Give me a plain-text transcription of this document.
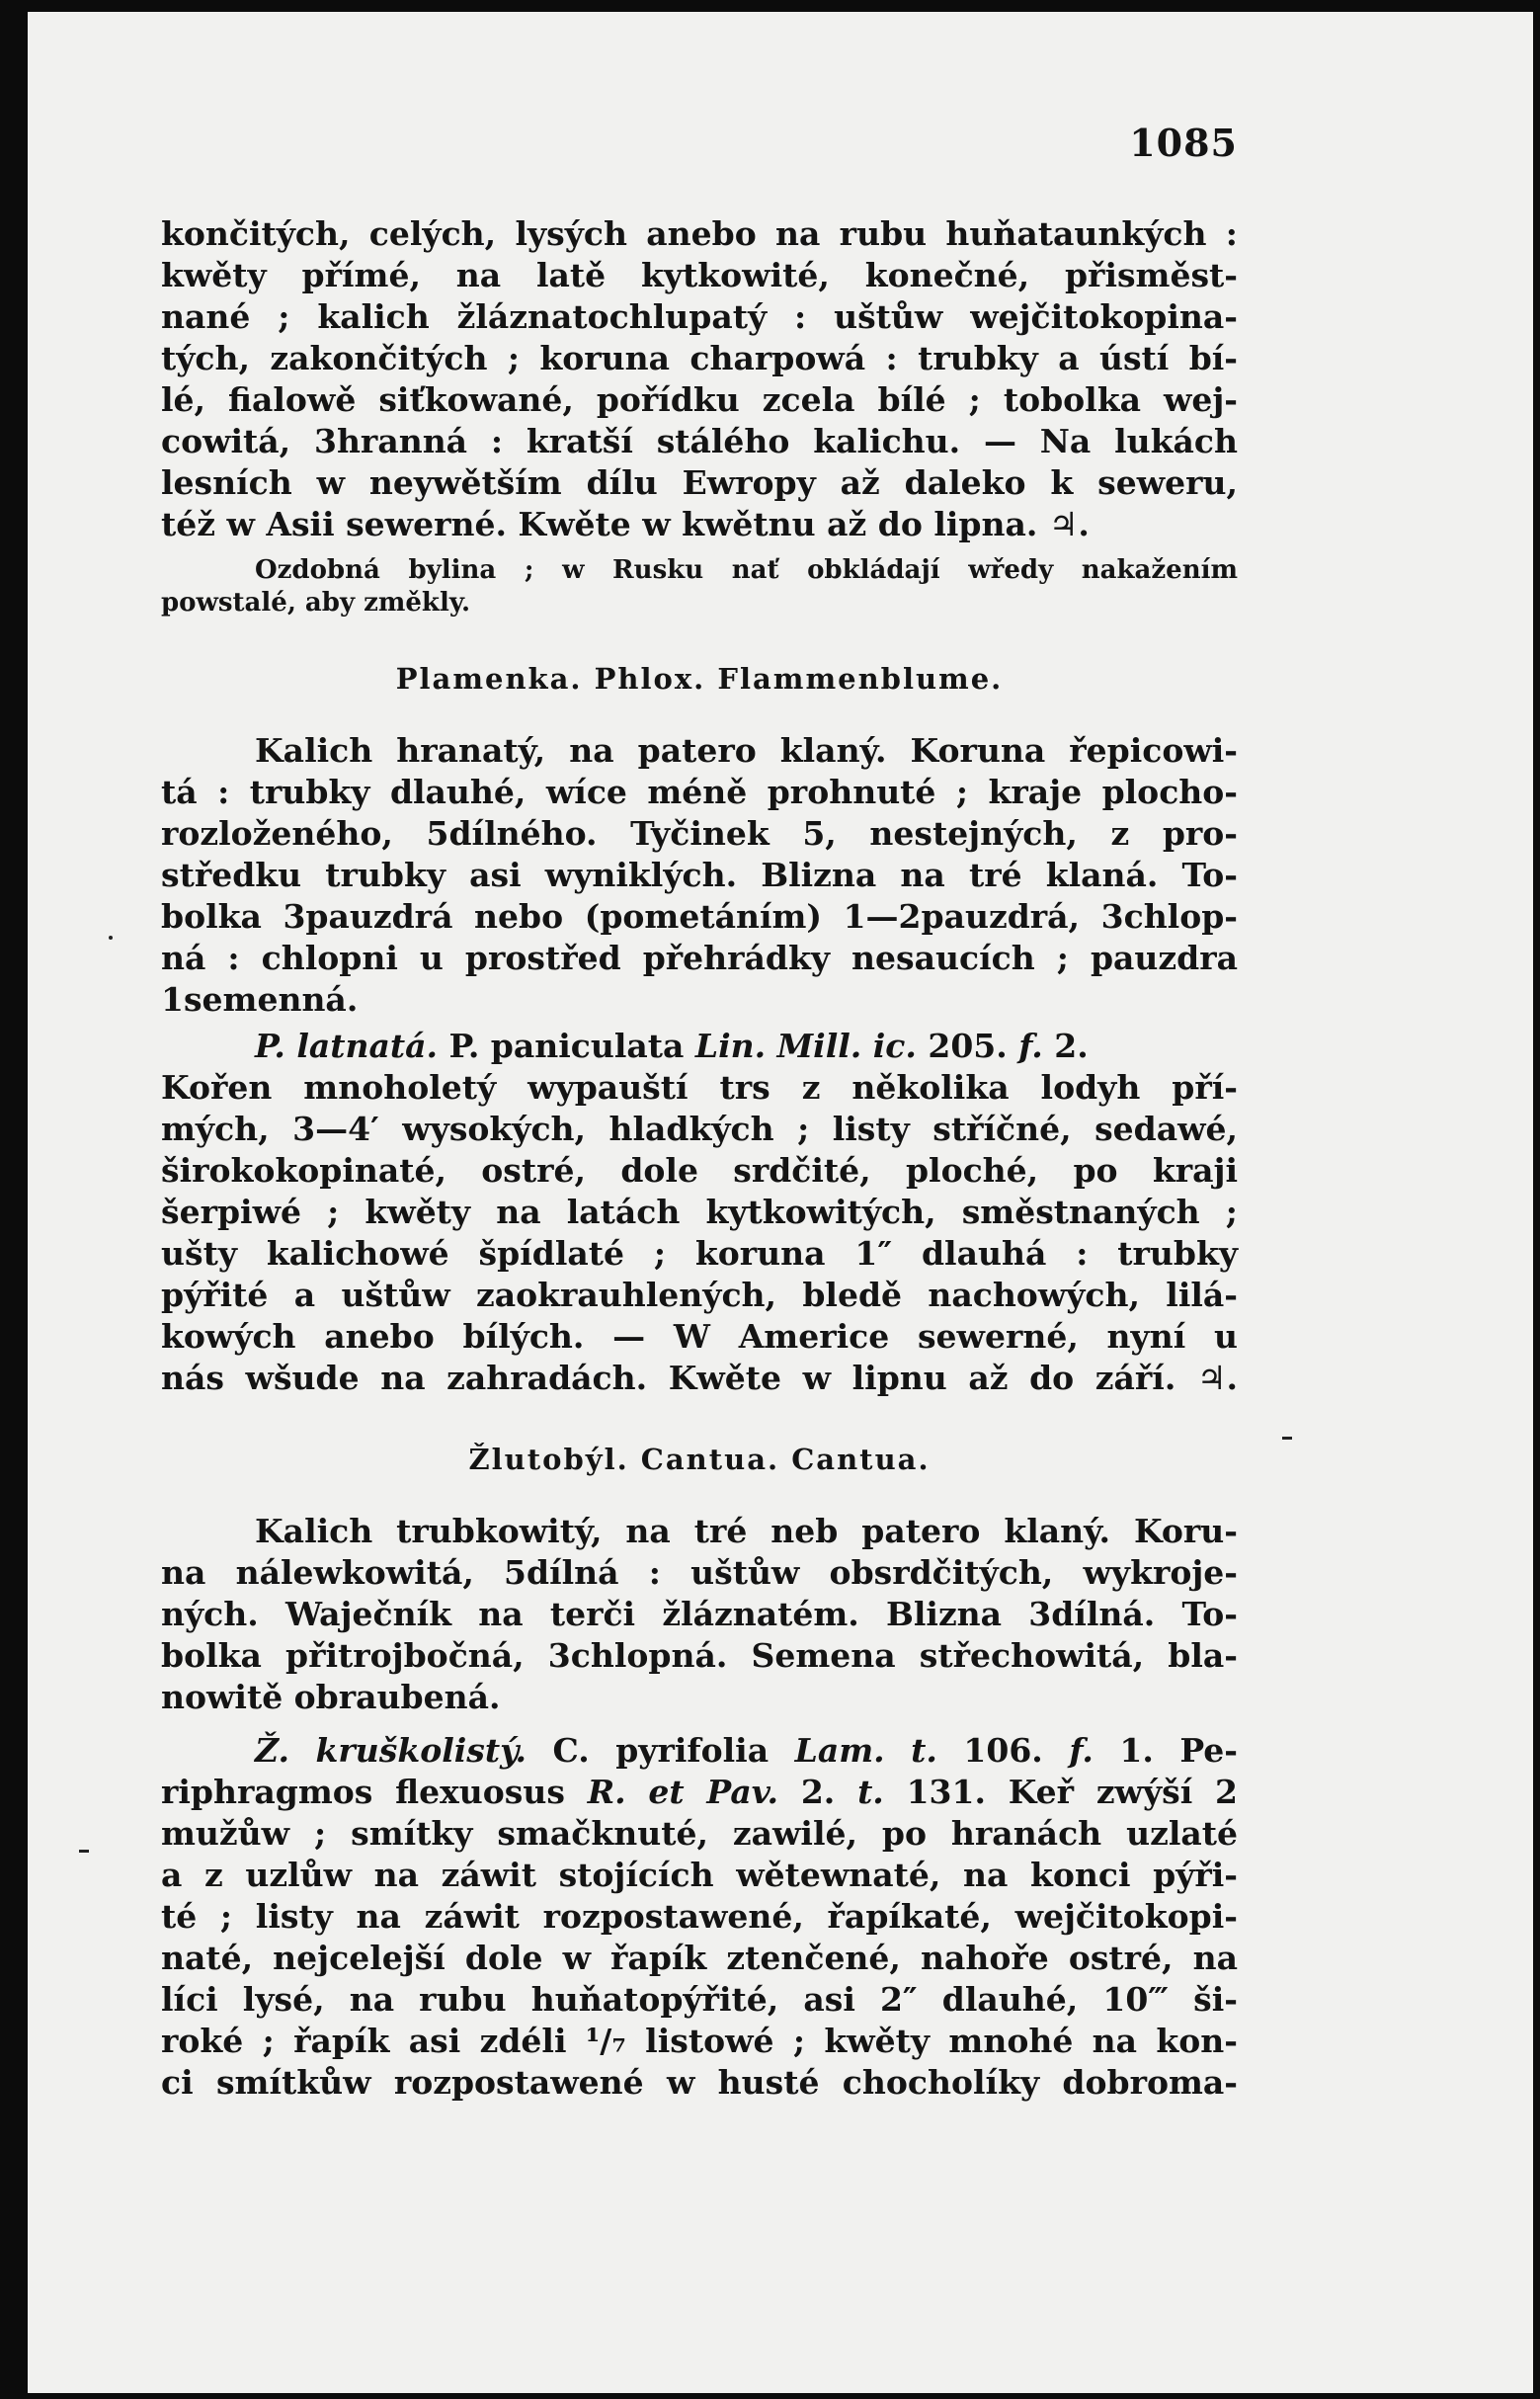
1085
končitých, celých, lysých anebo na rubu huňataunkých :
kwěty přímé, na latě kytkowité, konečné, přisměst-
nané ; kalich žláznatochlupatý : uštůw wejčitokopina-
tých, zakončitých ; koruna charpowá : trubky a ústí bí-
lé, fialowě siťkowané, pořídku zcela bílé ; tobolka wej-
cowitá, 3hranná : kratší stálého kalichu. — Na lukách
lesních w neywětším dílu Ewropy až daleko k seweru,
též w Asii sewerné. Kwěte w kwětnu až do lipna. ♃.
Ozdobná bylina ; w Rusku nať obkládají wředy nakažením
powstalé, aby změkly.
Plamenka. Phlox. Flammenblume.
Kalich hranatý, na patero klaný. Koruna řepicowi-
tá : trubky dlauhé, wíce méně prohnuté ; kraje plocho-
rozloženého, 5dílného. Tyčinek 5, nestejných, z pro-
středku trubky asi wyniklých. Blizna na tré klaná. To-
bolka 3pauzdrá nebo (pometáním) 1—2pauzdrá, 3chlop-
ná : chlopni u prostřed přehrádky nesaucích ; pauzdra
1semenná.
P. latnatá. P. paniculata Lin. Mill. ic. 205. f. 2.
Kořen mnoholetý wypauští trs z několika lodyh pří-
mých, 3—4′ wysokých, hladkých ; listy stříčné, sedawé,
širokokopinaté, ostré, dole srdčité, ploché, po kraji
šerpiwé ; kwěty na latách kytkowitých, směstnaných ;
ušty kalichowé špídlaté ; koruna 1″ dlauhá : trubky
pýřité a uštůw zaokrauhlených, bledě nachowých, lilá-
kowých anebo bílých. — W Americe sewerné, nyní u
nás wšude na zahradách. Kwěte w lipnu až do září. ♃.
Žlutobýl. Cantua. Cantua.
Kalich trubkowitý, na tré neb patero klaný. Koru-
na nálewkowitá, 5dílná : uštůw obsrdčitých, wykroje-
ných. Waječník na terči žláznatém. Blizna 3dílná. To-
bolka přitrojbočná, 3chlopná. Semena střechowitá, bla-
nowitě obraubená.
Ž. kruškolistý. C. pyrifolia Lam. t. 106. f. 1. Pe-
riphragmos flexuosus R. et Pav. 2. t. 131. Keř zwýší 2
mužůw ; smítky smačknuté, zawilé, po hranách uzlaté
a z uzlůw na záwit stojících wětewnaté, na konci pýři-
té ; listy na záwit rozpostawené, řapíkaté, wejčitokopi-
naté, nejcelejší dole w řapík ztenčené, nahoře ostré, na
líci lysé, na rubu huňatopýřité, asi 2″ dlauhé, 10‴ ši-
roké ; řapík asi zdéli ¹/₇ listowé ; kwěty mnohé na kon-
ci smítkůw rozpostawené w husté chocholíky dobroma-
